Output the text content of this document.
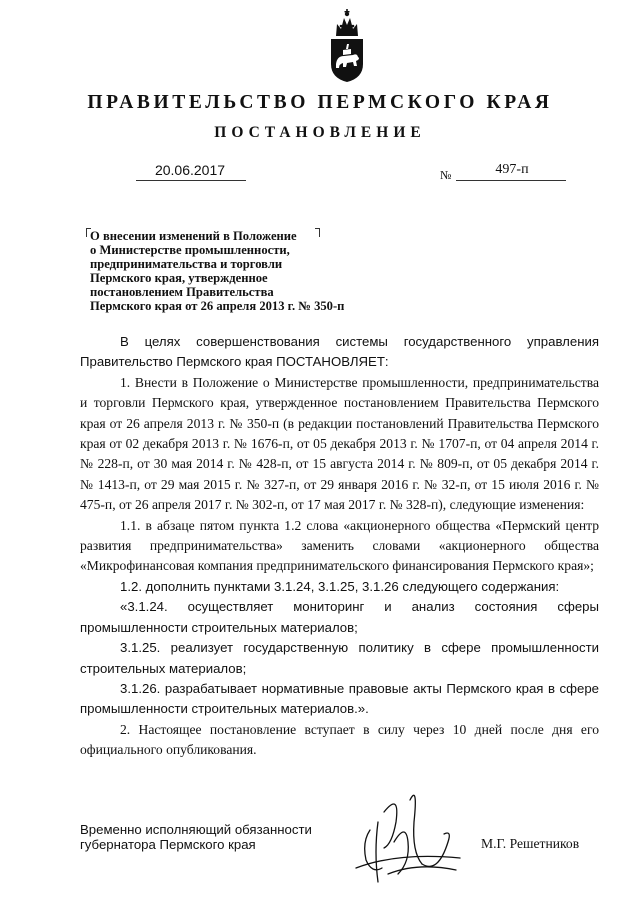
ПРАВИТЕЛЬСТВО ПЕРМСКОГО КРАЯ
ПОСТАНОВЛЕНИЕ
20.06.2017	№	497-п
О внесении изменений в Положение
о Министерстве промышленности,
предпринимательства и торговли
Пермского края, утвержденное
постановлением Правительства
Пермского края от 26 апреля 2013 г. № 350-п

В целях совершенствования системы государственного управления Правительство Пермского края ПОСТАНОВЛЯЕТ:

1. Внести в Положение о Министерстве промышленности, предпринимательства и торговли Пермского края, утвержденное постановлением Правительства Пермского края от 26 апреля 2013 г. № 350-п (в редакции постановлений Правительства Пермского края от 02 декабря 2013 г. № 1676-п, от 05 декабря 2013 г. № 1707-п, от 04 апреля 2014 г. № 228-п, от 30 мая 2014 г. № 428-п, от 15 августа 2014 г. № 809-п, от 05 декабря 2014 г. № 1413-п, от 29 мая 2015 г. № 327-п, от 29 января 2016 г. № 32-п, от 15 июля 2016 г. № 475-п, от 26 апреля 2017 г. № 302-п, от 17 мая 2017 г. № 328-п), следующие изменения:

1.1. в абзаце пятом пункта 1.2 слова «акционерного общества «Пермский центр развития предпринимательства» заменить словами «акционерного общества «Микрофинансовая компания предпринимательского финансирования Пермского края»;

1.2. дополнить пунктами 3.1.24, 3.1.25, 3.1.26 следующего содержания:

«3.1.24. осуществляет мониторинг и анализ состояния сферы промышленности строительных материалов;

3.1.25. реализует государственную политику в сфере промышленности строительных материалов;

3.1.26. разрабатывает нормативные правовые акты Пермского края в сфере промышленности строительных материалов.».

2. Настоящее постановление вступает в силу через 10 дней после дня его официального опубликования.

Временно исполняющий обязанности
губернатора Пермского края	М.Г. Решетников
